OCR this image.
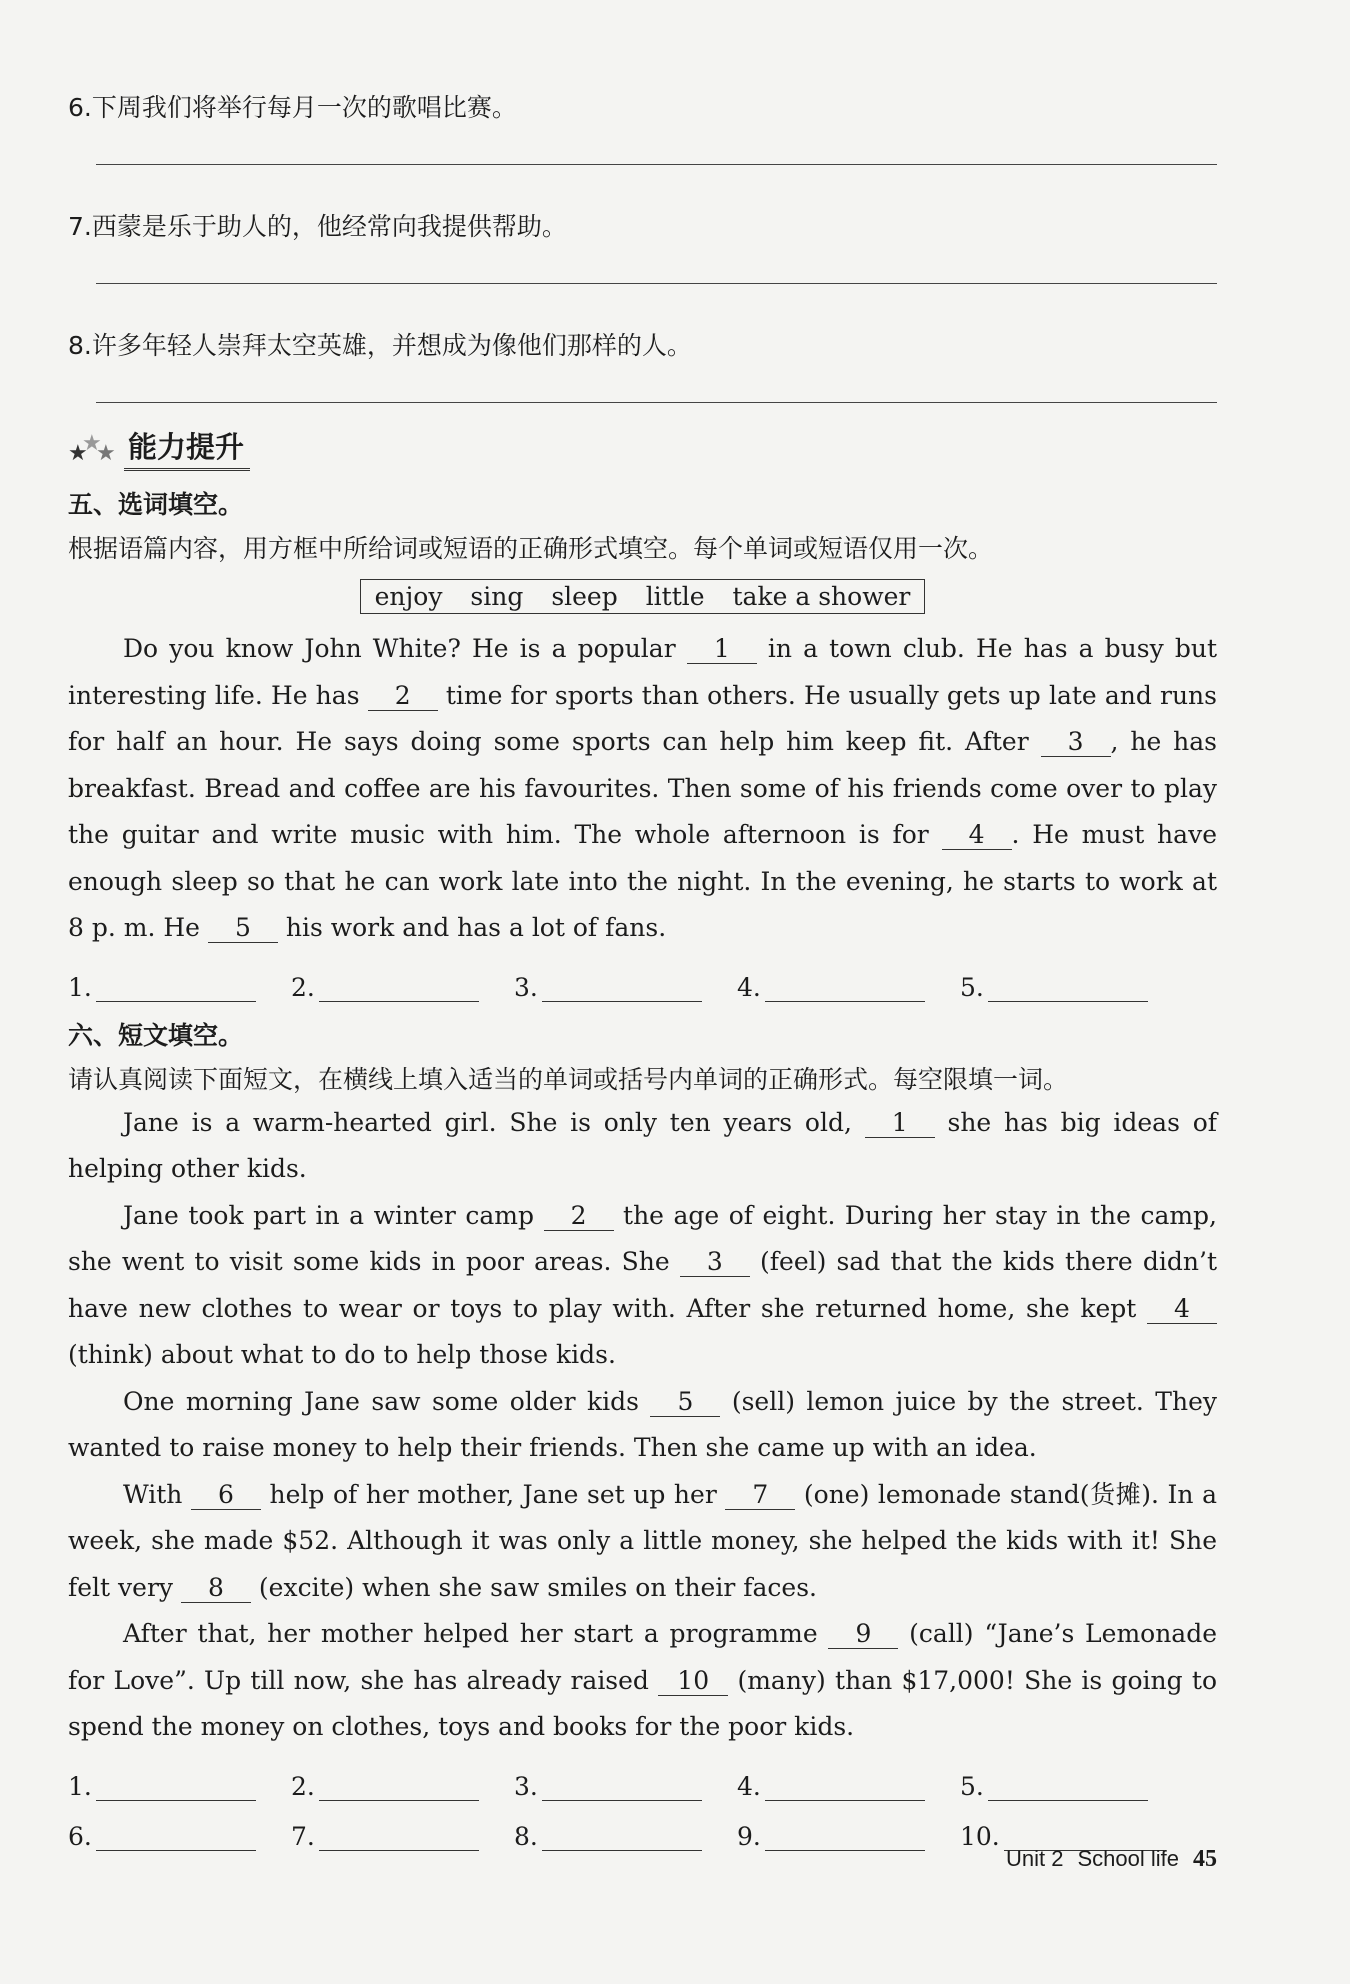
6.下周我们将举行每月一次的歌唱比赛。
7.西蒙是乐于助人的，他经常向我提供帮助。
8.许多年轻人崇拜太空英雄，并想成为像他们那样的人。
★
★
★ 能力提升
五、选词填空。
根据语篇内容，用方框中所给词或短语的正确形式填空。每个单词或短语仅用一次。
enjoy sing sleep little take a shower

Do you know John White? He is a popular 1 in a town club. He has a busy but interesting life. He has 2 time for sports than others. He usually gets up late and runs for half an hour. He says doing some sports can help him keep fit. After 3 , he has breakfast. Bread and coffee are his favourites. Then some of his friends come over to play the guitar and write music with him. The whole afternoon is for 4 . He must have enough sleep so that he can work late into the night. In the evening, he starts to work at 8 p. m. He 5 his work and has a lot of fans.

1.	2.	3.	4.	5.
六、短文填空。
请认真阅读下面短文，在横线上填入适当的单词或括号内单词的正确形式。每空限填一词。

Jane is a warm-hearted girl. She is only ten years old, 1 she has big ideas of helping other kids.

Jane took part in a winter camp 2 the age of eight. During her stay in the camp, she went to visit some kids in poor areas. She 3 (feel) sad that the kids there didn’t have new clothes to wear or toys to play with. After she returned home, she kept 4 (think) about what to do to help those kids.

One morning Jane saw some older kids 5 (sell) lemon juice by the street. They wanted to raise money to help their friends. Then she came up with an idea.

With 6 help of her mother, Jane set up her 7 (one) lemonade stand(货摊). In a week, she made $52. Although it was only a little money, she helped the kids with it! She felt very 8 (excite) when she saw smiles on their faces.

After that, her mother helped her start a programme 9 (call) “Jane’s Lemonade for Love”. Up till now, she has already raised 10 (many) than $17,000! She is going to spend the money on clothes, toys and books for the poor kids.

1.	2.	3.	4.	5.
6.	7.	8.	9.	10.
Unit 2 School life 45
